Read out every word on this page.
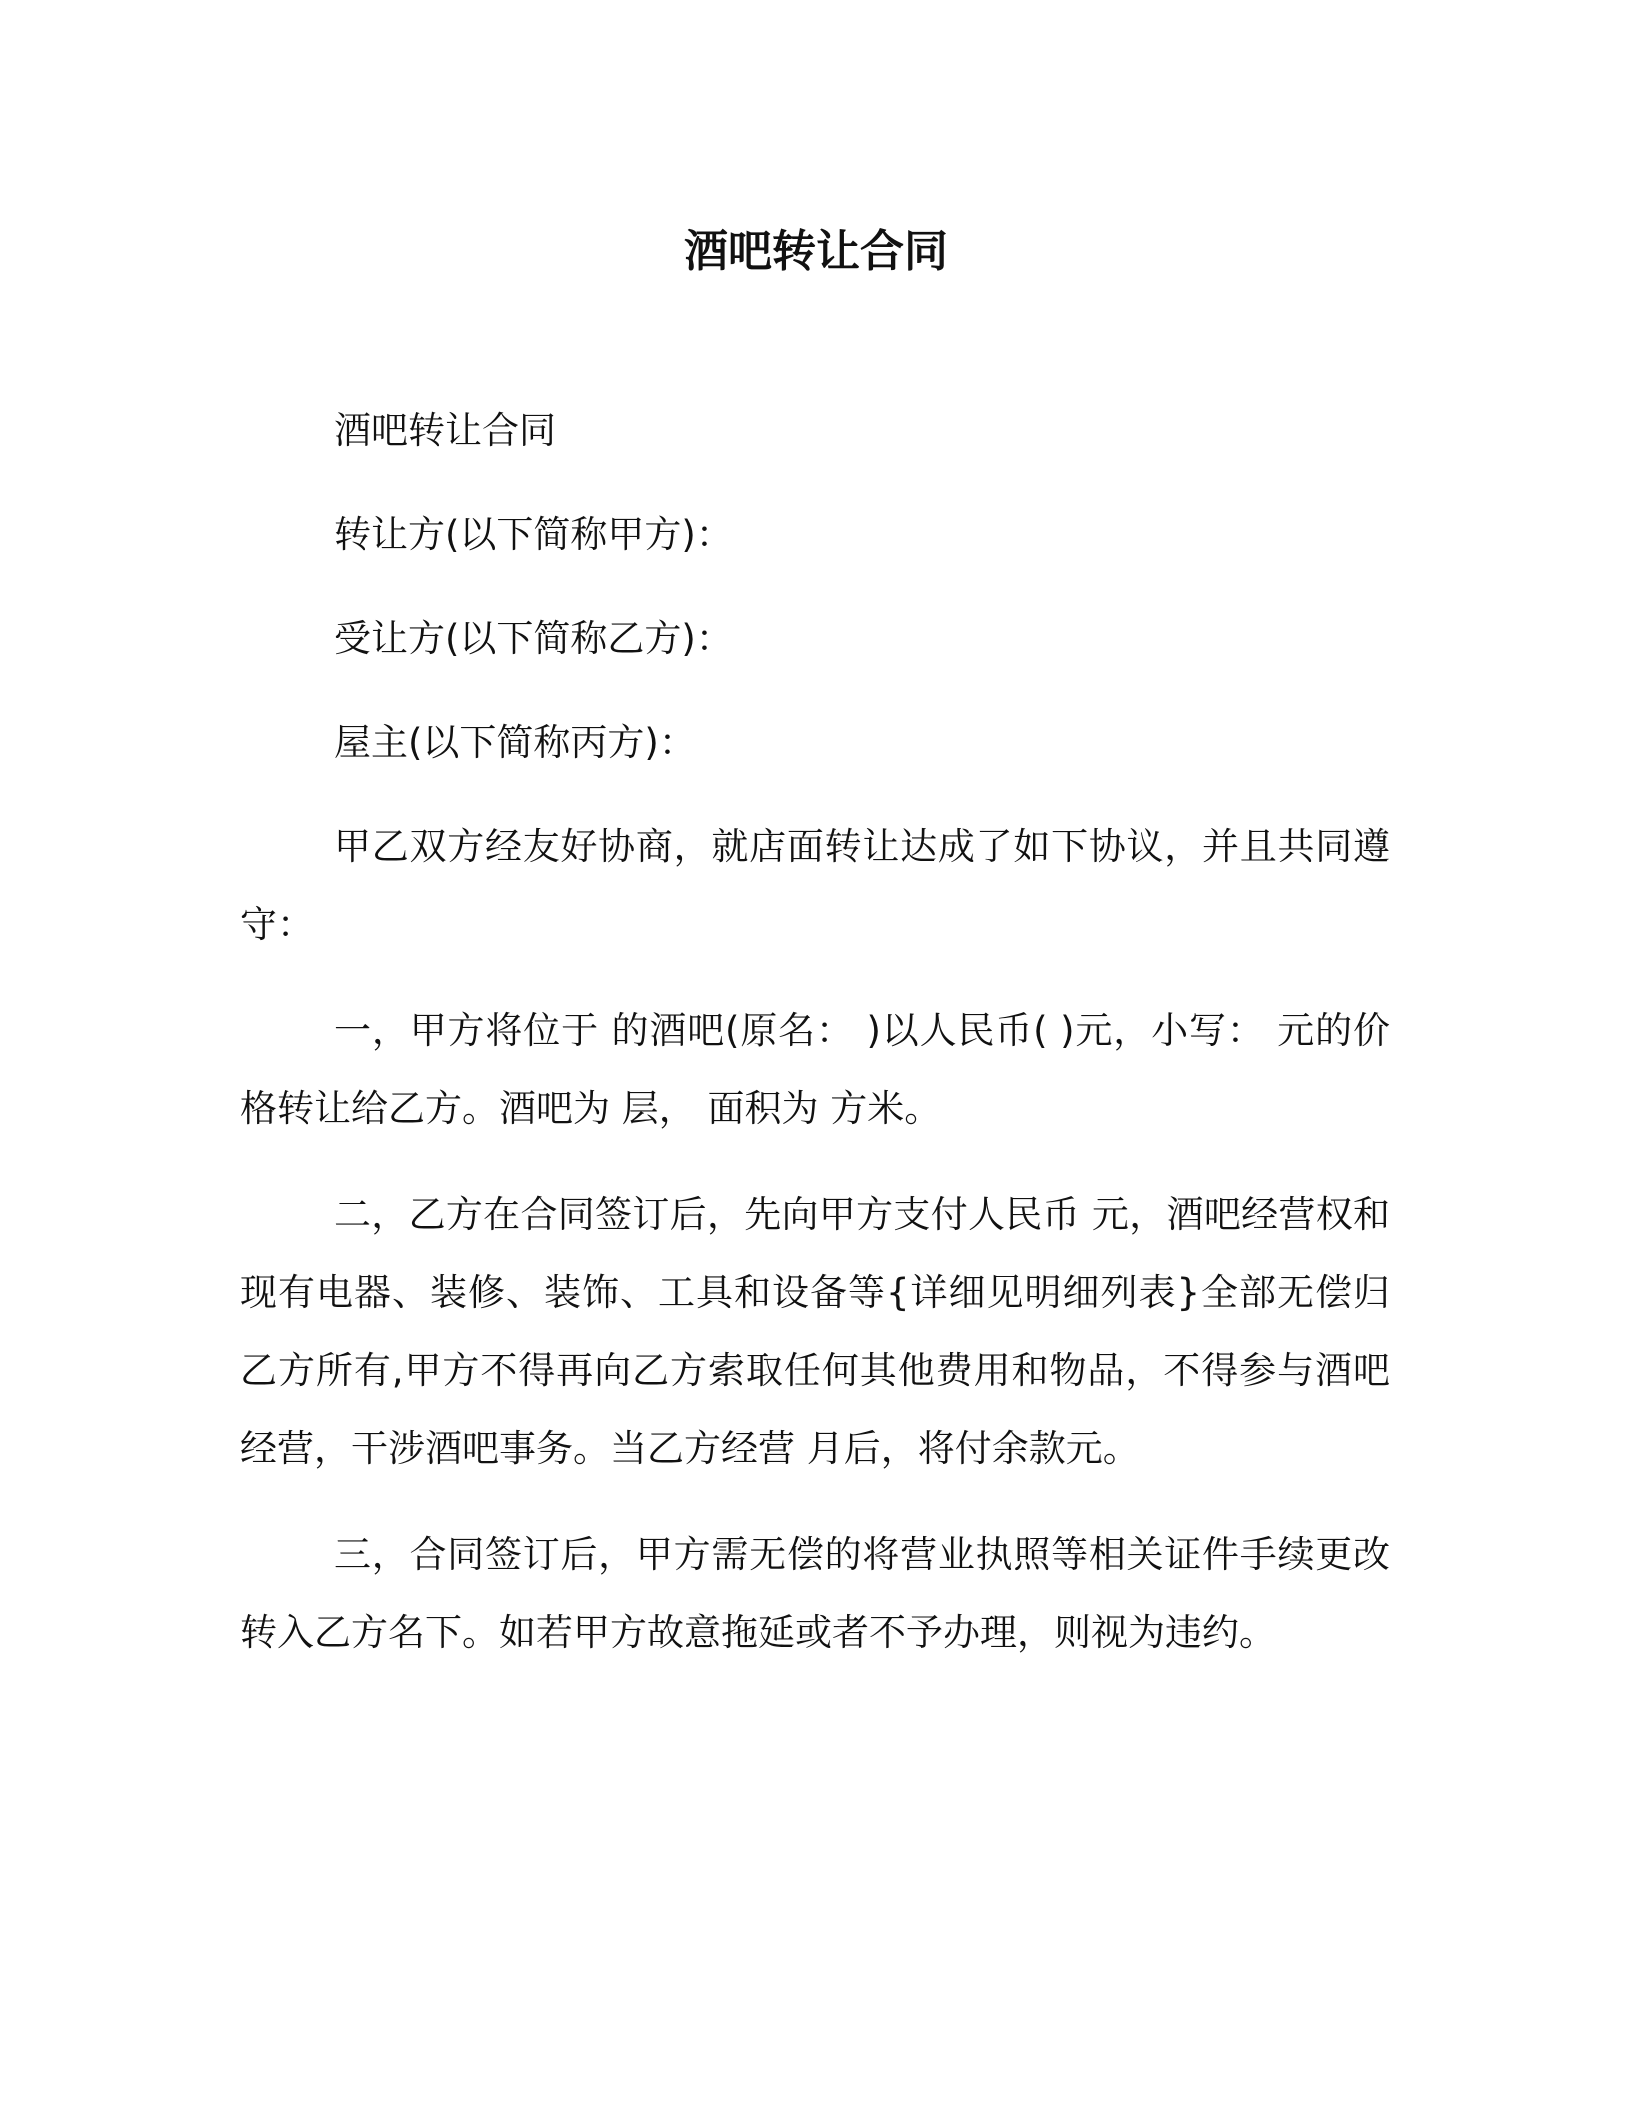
酒吧转让合同

酒吧转让合同

转让方(以下简称甲方)：

受让方(以下简称乙方)：

屋主(以下简称丙方)：

甲乙双方经友好协商，就店面转让达成了如下协议，并且共同遵守：

一，甲方将位于 的酒吧(原名： )以人民币( )元，小写： 元的价格转让给乙方。酒吧为 层， 面积为 方米。

二，乙方在合同签订后，先向甲方支付人民币 元，酒吧经营权和现有电器、装修、装饰、工具和设备等{详细见明细列表}全部无偿归乙方所有,甲方不得再向乙方索取任何其他费用和物品，不得参与酒吧经营，干涉酒吧事务。当乙方经营 月后，将付余款元。

三，合同签订后，甲方需无偿的将营业执照等相关证件手续更改转入乙方名下。如若甲方故意拖延或者不予办理，则视为违约。
